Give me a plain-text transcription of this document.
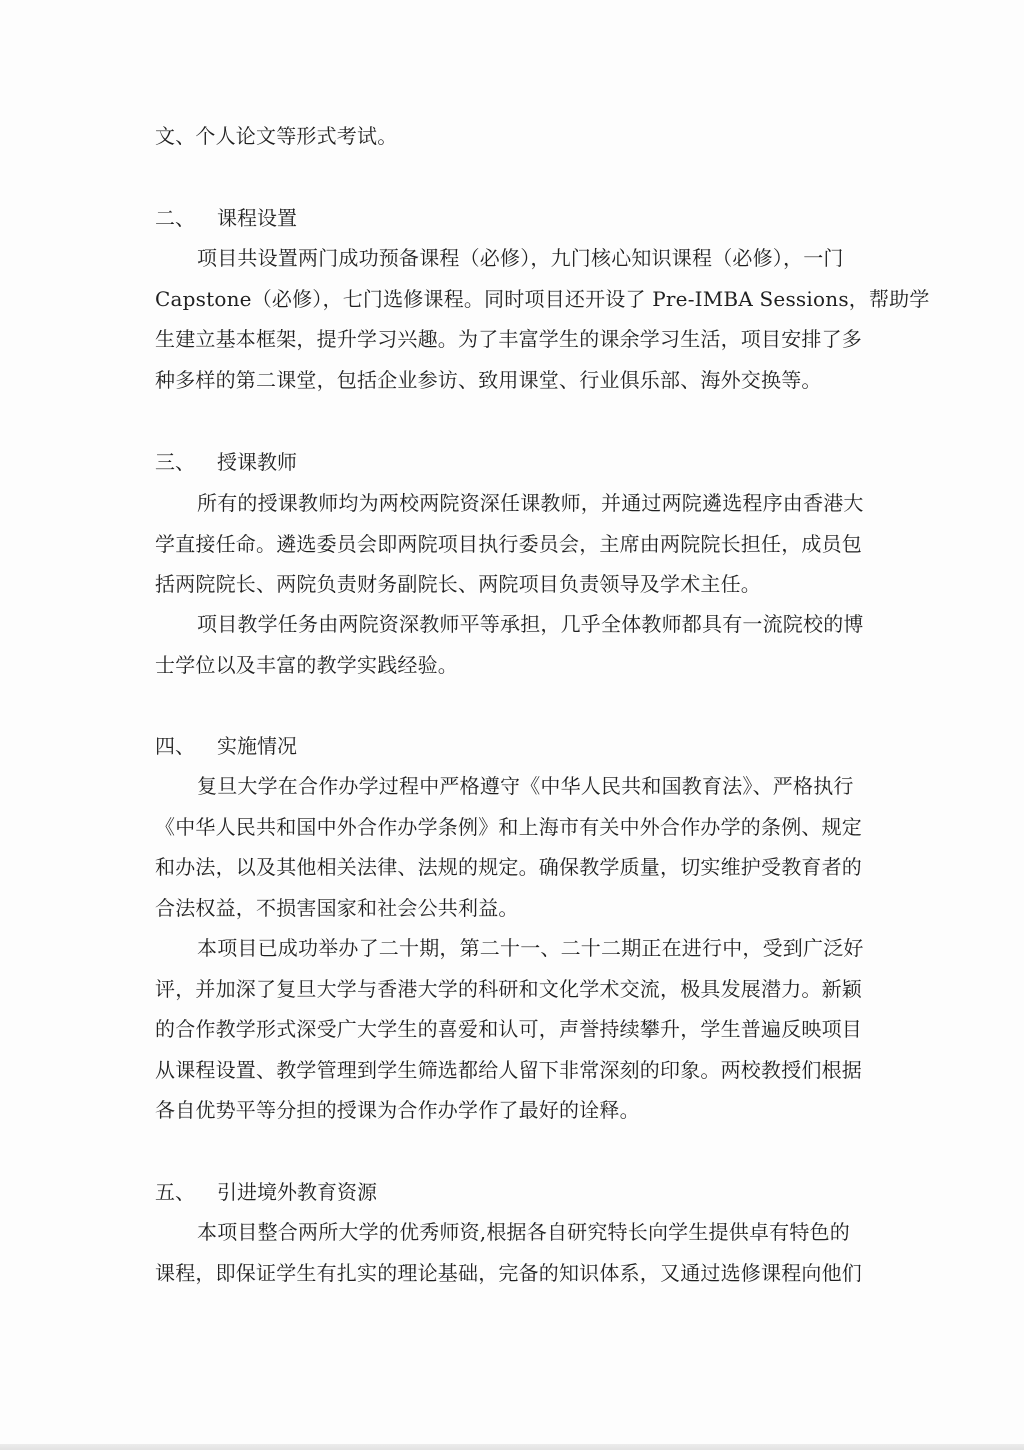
文、个人论文等形式考试。

二、 课程设置

项目共设置两门成功预备课程（必修），九门核心知识课程（必修），一门

Capstone（必修），七门选修课程。同时项目还开设了 Pre-IMBA Sessions，帮助学

生建立基本框架，提升学习兴趣。为了丰富学生的课余学习生活，项目安排了多

种多样的第二课堂，包括企业参访、致用课堂、行业俱乐部、海外交换等。

三、 授课教师

所有的授课教师均为两校两院资深任课教师，并通过两院遴选程序由香港大

学直接任命。遴选委员会即两院项目执行委员会，主席由两院院长担任，成员包

括两院院长、两院负责财务副院长、两院项目负责领导及学术主任。

项目教学任务由两院资深教师平等承担，几乎全体教师都具有一流院校的博

士学位以及丰富的教学实践经验。

四、 实施情况

复旦大学在合作办学过程中严格遵守《中华人民共和国教育法》、严格执行

《中华人民共和国中外合作办学条例》和上海市有关中外合作办学的条例、规定

和办法，以及其他相关法律、法规的规定。确保教学质量，切实维护受教育者的

合法权益，不损害国家和社会公共利益。

本项目已成功举办了二十期，第二十一、二十二期正在进行中，受到广泛好

评，并加深了复旦大学与香港大学的科研和文化学术交流，极具发展潜力。新颖

的合作教学形式深受广大学生的喜爱和认可，声誉持续攀升，学生普遍反映项目

从课程设置、教学管理到学生筛选都给人留下非常深刻的印象。两校教授们根据

各自优势平等分担的授课为合作办学作了最好的诠释。

五、 引进境外教育资源

本项目整合两所大学的优秀师资,根据各自研究特长向学生提供卓有特色的

课程，即保证学生有扎实的理论基础，完备的知识体系，又通过选修课程向他们
